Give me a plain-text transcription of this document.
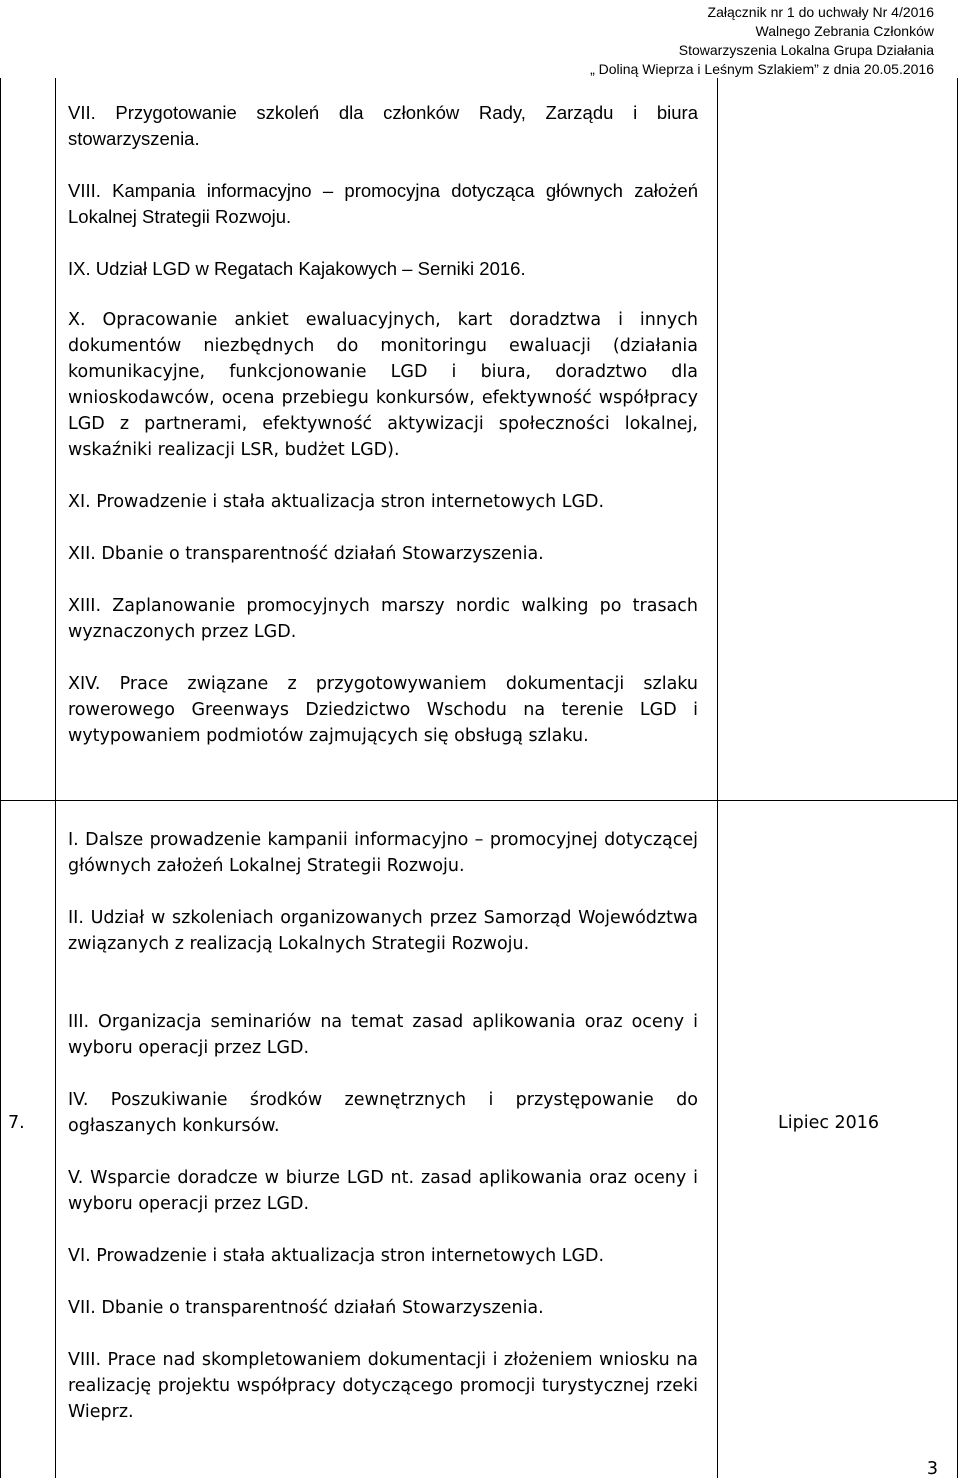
Załącznik nr 1 do uchwały Nr 4/2016
Walnego Zebrania Członków
Stowarzyszenia Lokalna Grupa Działania
„ Doliną Wieprza i Leśnym Szlakiem” z dnia 20.05.2016
VII. Przygotowanie szkoleń dla członków Rady, Zarządu i biura stowarzyszenia.
VIII. Kampania informacyjno – promocyjna dotycząca głównych założeń Lokalnej Strategii Rozwoju.
IX. Udział LGD w Regatach Kajakowych – Serniki 2016.
X. Opracowanie ankiet ewaluacyjnych, kart doradztwa i innych dokumentów niezbędnych do monitoringu ewaluacji (działania komunikacyjne, funkcjonowanie LGD i biura, doradztwo dla wnioskodawców, ocena przebiegu konkursów, efektywność współpracy LGD z partnerami, efektywność aktywizacji społeczności lokalnej, wskaźniki realizacji LSR, budżet LGD).
XI. Prowadzenie i stała aktualizacja stron internetowych LGD.
XII. Dbanie o transparentność działań Stowarzyszenia.
XIII. Zaplanowanie promocyjnych marszy nordic walking po trasach wyznaczonych przez LGD.
XIV. Prace związane z przygotowywaniem dokumentacji szlaku rowerowego Greenways Dziedzictwo Wschodu na terenie LGD i wytypowaniem podmiotów zajmujących się obsługą szlaku.
7.	Lipiec 2016
I. Dalsze prowadzenie kampanii informacyjno – promocyjnej dotyczącej głównych założeń Lokalnej Strategii Rozwoju.
II. Udział w szkoleniach organizowanych przez Samorząd Województwa związanych z realizacją Lokalnych Strategii Rozwoju.
III. Organizacja seminariów na temat zasad aplikowania oraz oceny i wyboru operacji przez LGD.
IV. Poszukiwanie środków zewnętrznych i przystępowanie do ogłaszanych konkursów.
V. Wsparcie doradcze w biurze LGD nt. zasad aplikowania oraz oceny i wyboru operacji przez LGD.
VI. Prowadzenie i stała aktualizacja stron internetowych LGD.
VII. Dbanie o transparentność działań Stowarzyszenia.
VIII. Prace nad skompletowaniem dokumentacji i złożeniem wniosku na realizację projektu współpracy dotyczącego promocji turystycznej rzeki Wieprz.
3
